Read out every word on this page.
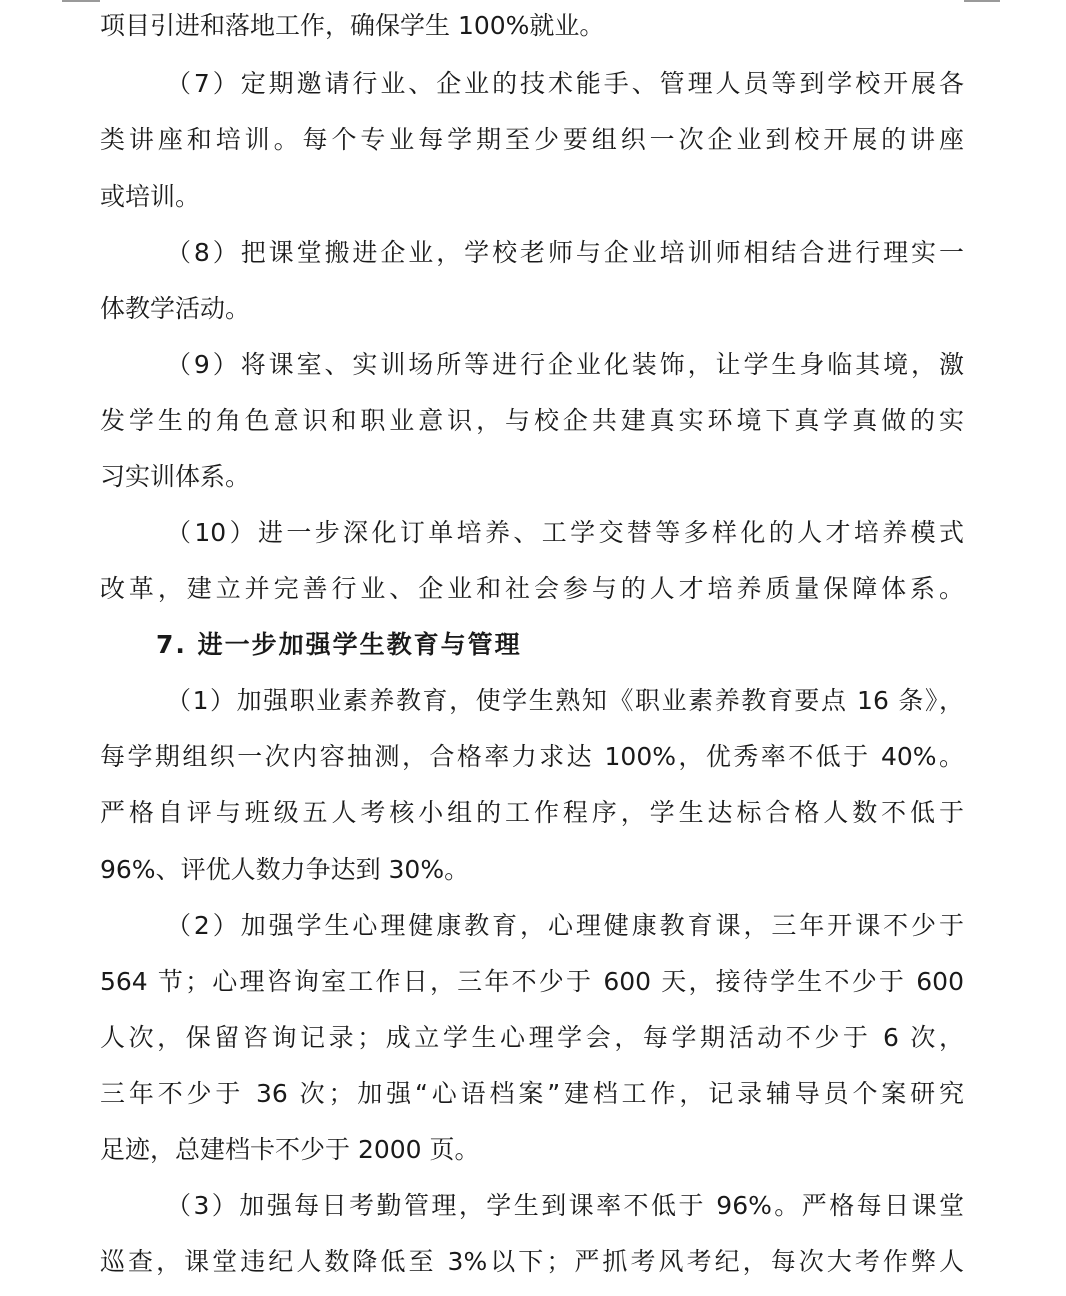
项目引进和落地工作，确保学生 100%就业。
（7）定期邀请行业、企业的技术能手、管理人员等到学校开展各
类讲座和培训。每个专业每学期至少要组织一次企业到校开展的讲座
或培训。
（8）把课堂搬进企业，学校老师与企业培训师相结合进行理实一
体教学活动。
（9）将课室、实训场所等进行企业化装饰，让学生身临其境，激
发学生的角色意识和职业意识，与校企共建真实环境下真学真做的实
习实训体系。
（10）进一步深化订单培养、工学交替等多样化的人才培养模式
改革，建立并完善行业、企业和社会参与的人才培养质量保障体系。
7. 进一步加强学生教育与管理
（1）加强职业素养教育，使学生熟知《职业素养教育要点 16 条》，
每学期组织一次内容抽测，合格率力求达 100%，优秀率不低于 40%。
严格自评与班级五人考核小组的工作程序，学生达标合格人数不低于
96%、评优人数力争达到 30%。
（2）加强学生心理健康教育，心理健康教育课，三年开课不少于
564 节；心理咨询室工作日，三年不少于 600 天，接待学生不少于 600
人次，保留咨询记录；成立学生心理学会，每学期活动不少于 6 次，
三年不少于 36 次；加强“心语档案”建档工作，记录辅导员个案研究
足迹，总建档卡不少于 2000 页。
（3）加强每日考勤管理，学生到课率不低于 96%。严格每日课堂
巡查，课堂违纪人数降低至 3%以下；严抓考风考纪，每次大考作弊人
